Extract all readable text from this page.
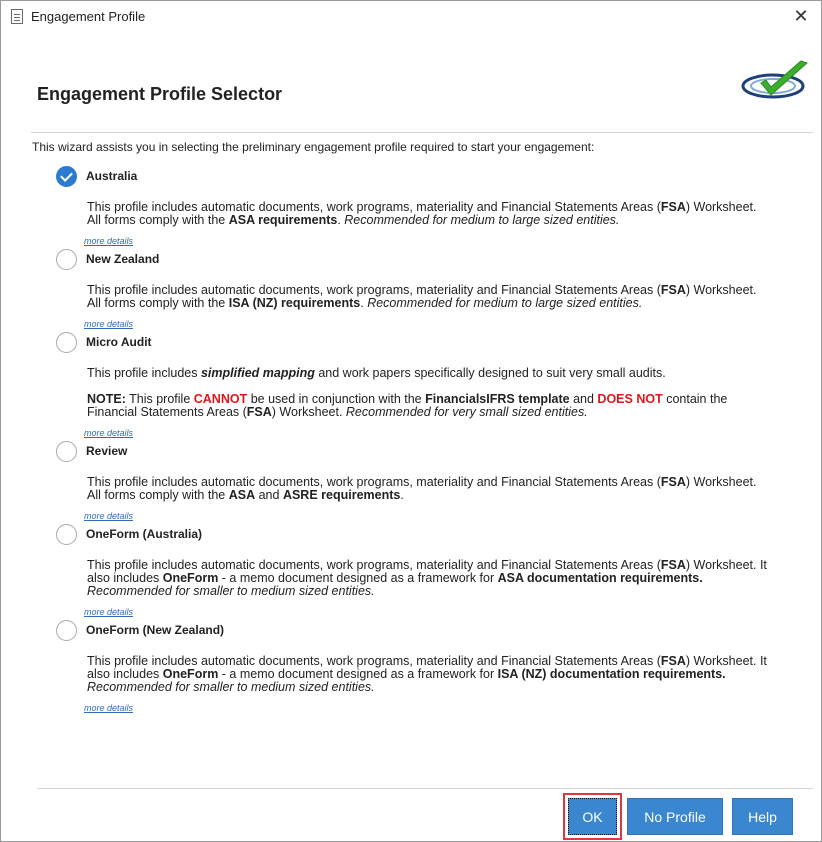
Engagement Profile	✕
Engagement Profile Selector
This wizard assists you in selecting the preliminary engagement profile required to start your engagement:
Australia
This profile includes automatic documents, work programs, materiality and Financial Statements Areas (FSA) Worksheet.
All forms comply with the ASA requirements. Recommended for medium to large sized entities.
more details
New Zealand
This profile includes automatic documents, work programs, materiality and Financial Statements Areas (FSA) Worksheet.
All forms comply with the ISA (NZ) requirements. Recommended for medium to large sized entities.
more details
Micro Audit
This profile includes simplified mapping and work papers specifically designed to suit very small audits.
NOTE: This profile CANNOT be used in conjunction with the FinancialsIFRS template and DOES NOT contain the
Financial Statements Areas (FSA) Worksheet. Recommended for very small sized entities.
more details
Review
This profile includes automatic documents, work programs, materiality and Financial Statements Areas (FSA) Worksheet.
All forms comply with the ASA and ASRE requirements.
more details
OneForm (Australia)
This profile includes automatic documents, work programs, materiality and Financial Statements Areas (FSA) Worksheet. It
also includes OneForm - a memo document designed as a framework for ASA documentation requirements.
Recommended for smaller to medium sized entities.
more details
OneForm (New Zealand)
This profile includes automatic documents, work programs, materiality and Financial Statements Areas (FSA) Worksheet. It
also includes OneForm - a memo document designed as a framework for ISA (NZ) documentation requirements.
Recommended for smaller to medium sized entities.
more details
OK	No Profile	Help
